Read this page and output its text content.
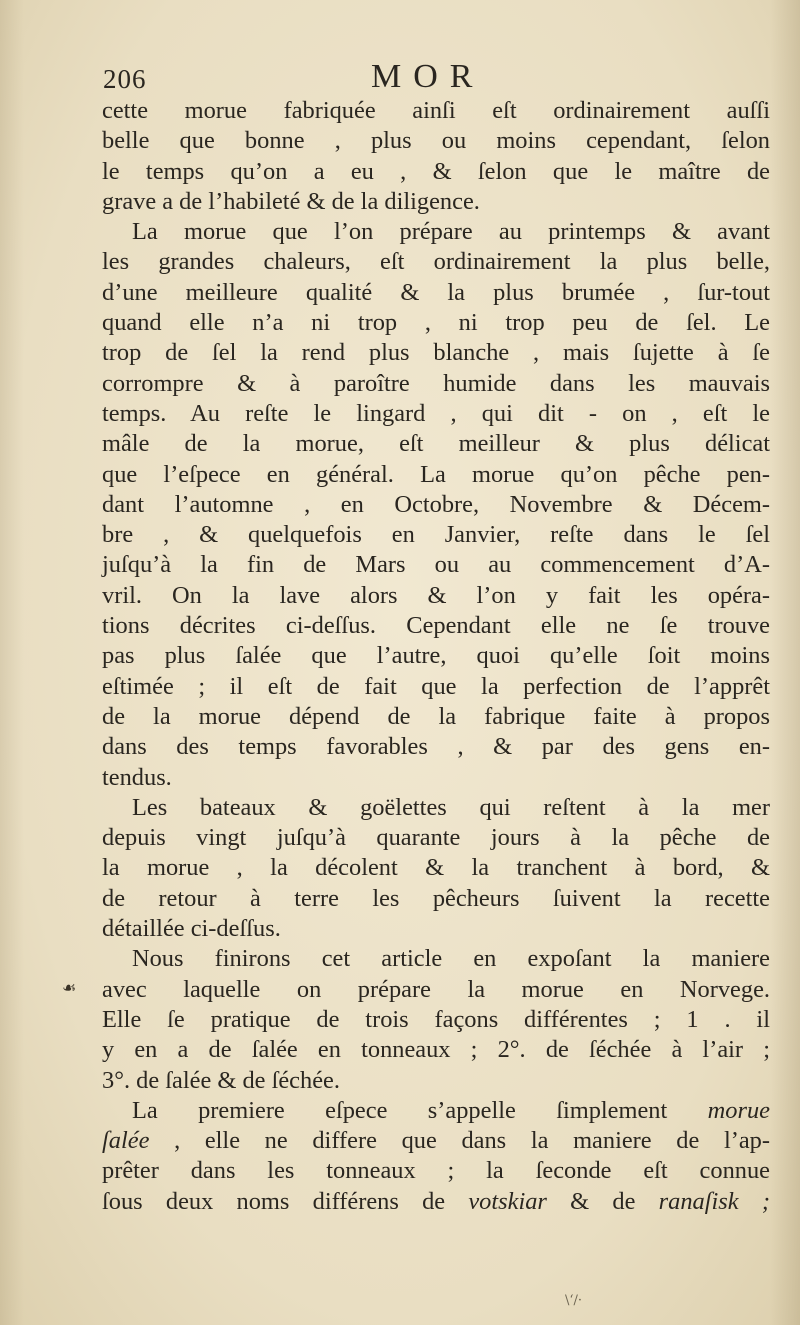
206	MOR
cette morue fabriquée ainſi eſt ordinairement auſſi
belle que bonne , plus ou moins cependant, ſelon
le temps qu’on a eu , & ſelon que le maître de
grave a de l’habileté & de la diligence.
La morue que l’on prépare au printemps & avant
les grandes chaleurs, eſt ordinairement la plus belle,
d’une meilleure qualité & la plus brumée , ſur-tout
quand elle n’a ni trop , ni trop peu de ſel. Le
trop de ſel la rend plus blanche , mais ſujette à ſe
corrompre & à paroître humide dans les mauvais
temps. Au reſte le lingard , qui dit - on , eſt le
mâle de la morue, eſt meilleur & plus délicat
que l’eſpece en général. La morue qu’on pêche pen-
dant l’automne , en Octobre, Novembre & Décem-
bre , & quelquefois en Janvier, reſte dans le ſel
juſqu’à la fin de Mars ou au commencement d’A-
vril. On la lave alors & l’on y fait les opéra-
tions décrites ci-deſſus. Cependant elle ne ſe trouve
pas plus ſalée que l’autre, quoi qu’elle ſoit moins
eſtimée ; il eſt de fait que la perfection de l’apprêt
de la morue dépend de la fabrique faite à propos
dans des temps favorables , & par des gens en-
tendus.
Les bateaux & goëlettes qui reſtent à la mer
depuis vingt juſqu’à quarante jours à la pêche de
la morue , la décolent & la tranchent à bord, &
de retour à terre les pêcheurs ſuivent la recette
détaillée ci-deſſus.
Nous finirons cet article en expoſant la maniere
avec laquelle on prépare la morue en Norvege.
Elle ſe pratique de trois façons différentes ; 1 . il
y en a de ſalée en tonneaux ; 2°. de ſéchée à l’air ;
3°. de ſalée & de ſéchée.
La premiere eſpece s’appelle ſimplement morue
ſalée , elle ne differe que dans la maniere de l’ap-
prêter dans les tonneaux ; la ſeconde eſt connue
ſous deux noms différens de votskiar & de ranaſisk ;
☙
\‘/·
